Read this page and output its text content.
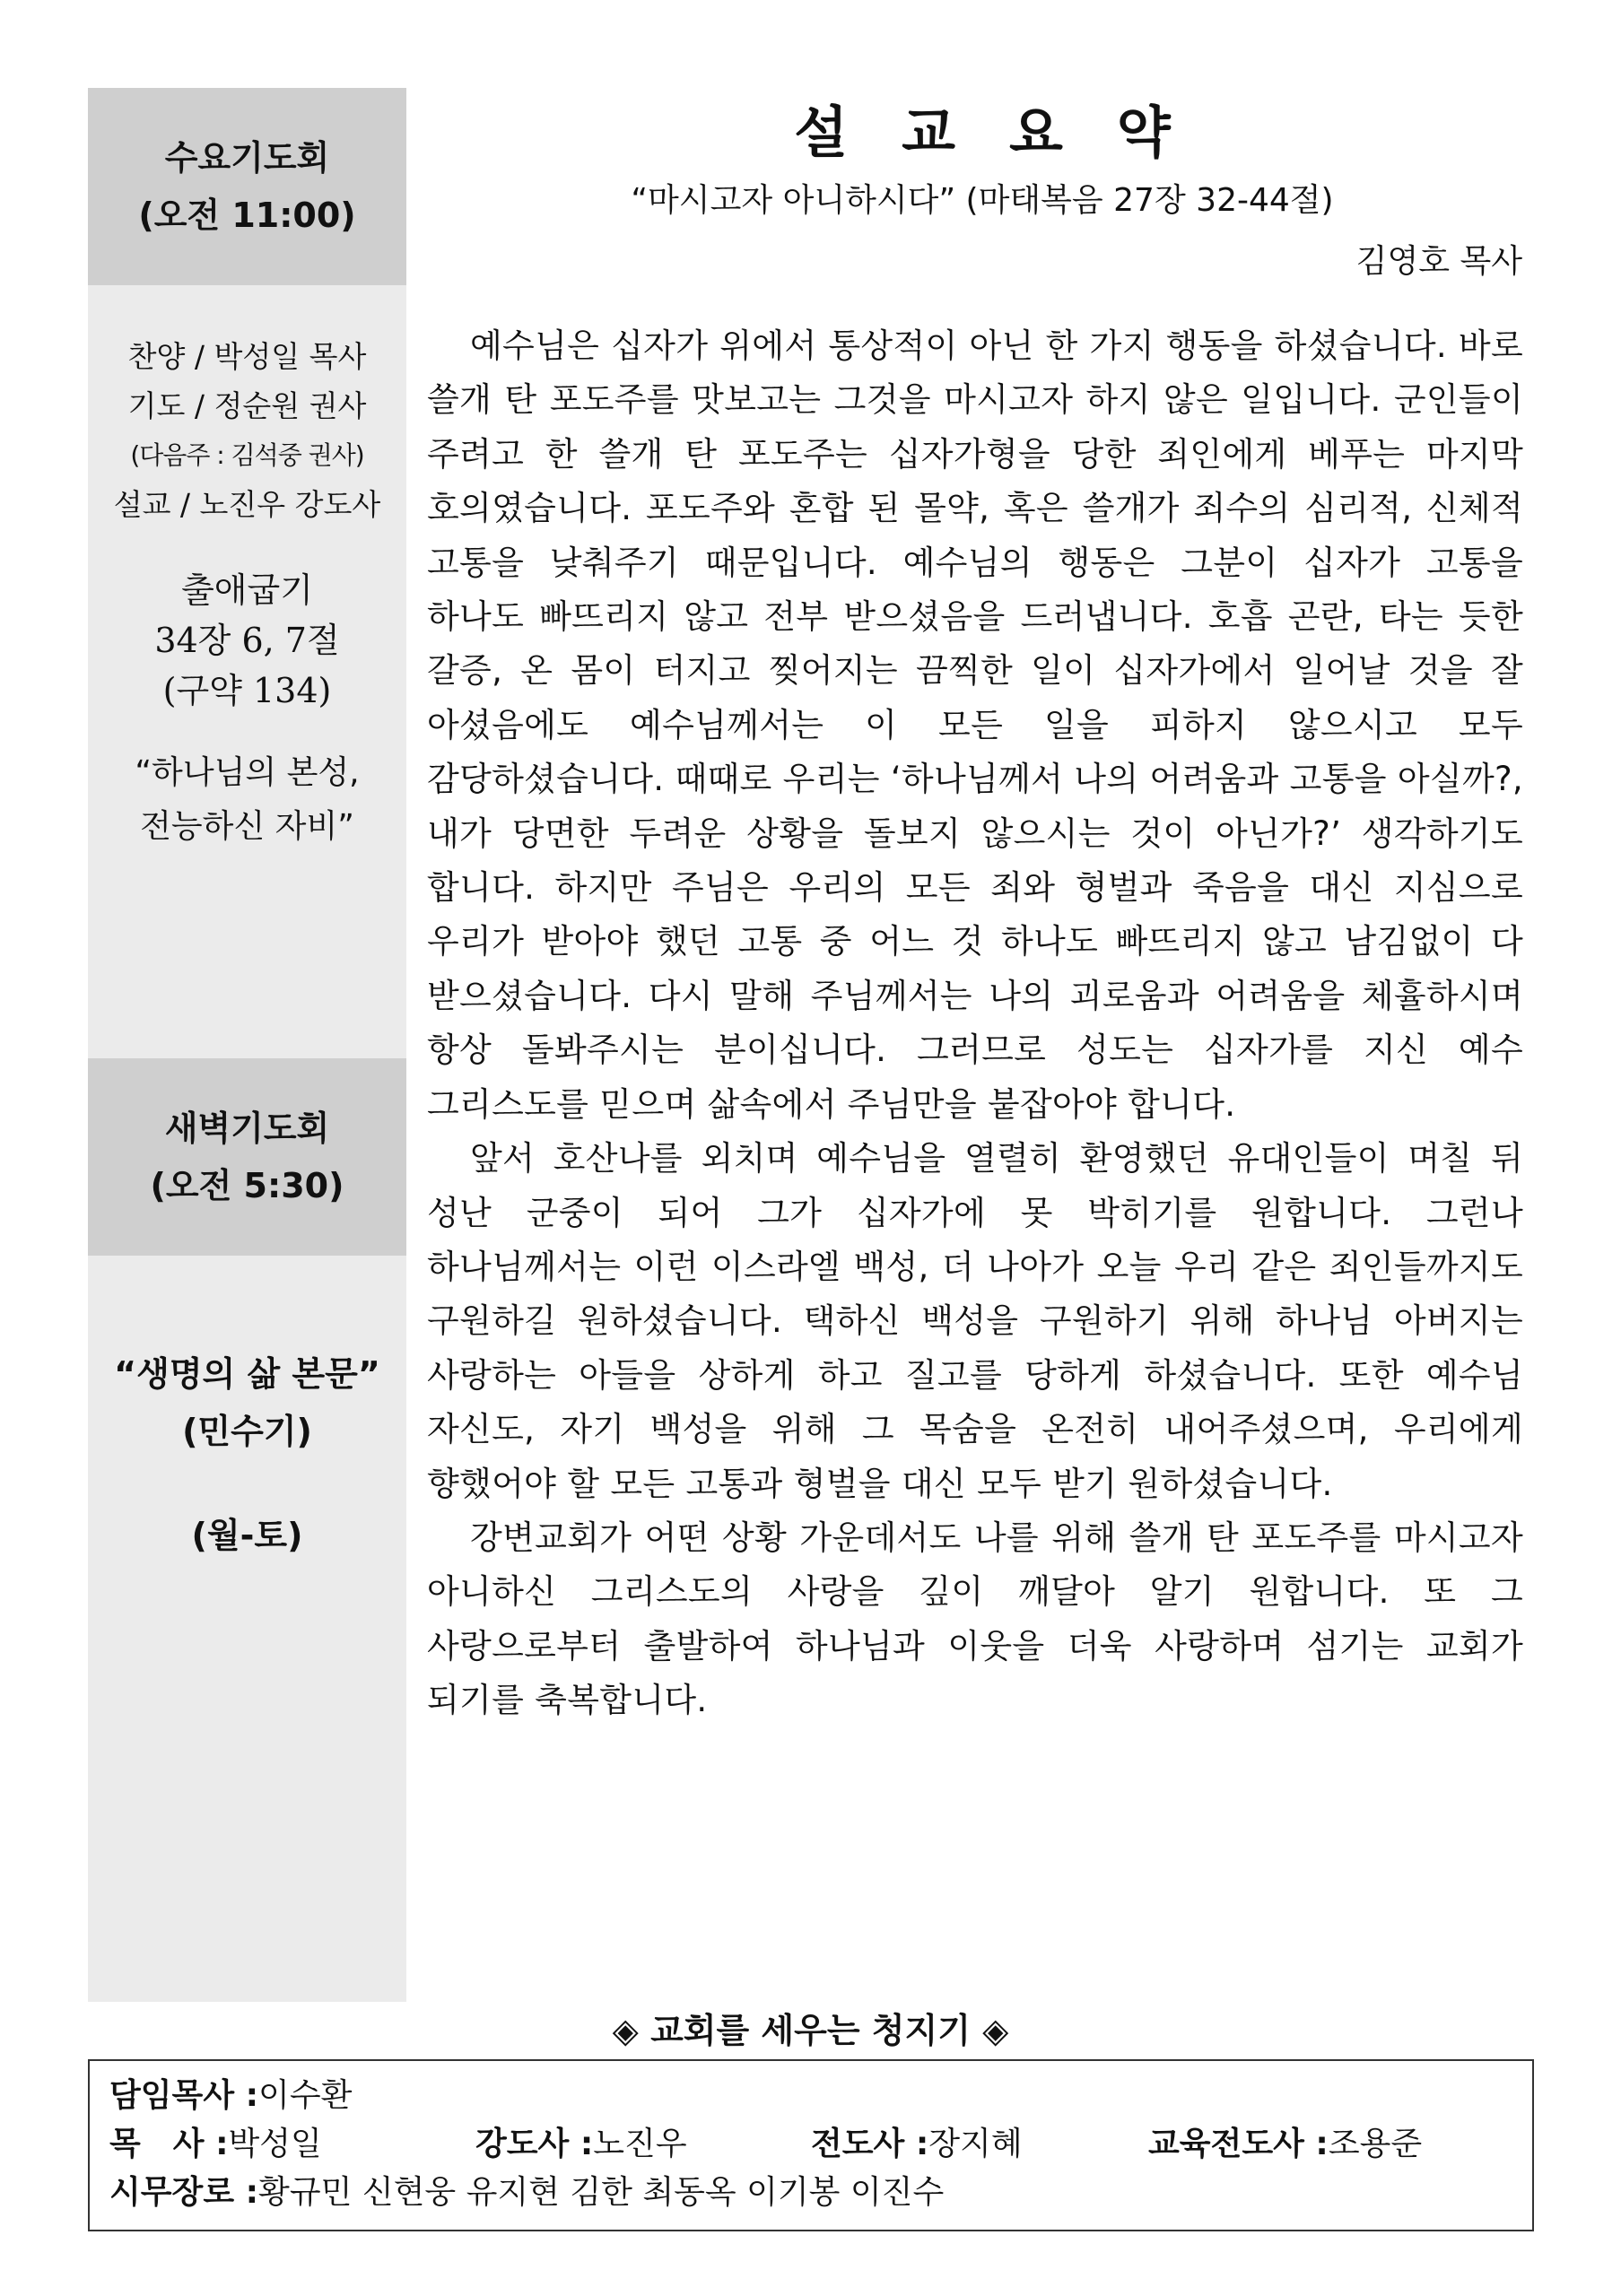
수요기도회
(오전 11:00)
찬양 / 박성일 목사
기도 / 정순원 권사
(다음주 : 김석중 권사)
설교 / 노진우 강도사
출애굽기
34장 6, 7절
(구약 134)
“하나님의 본성,
전능하신 자비”
새벽기도회
(오전 5:30)
“생명의 삶 본문”
(민수기)
(월-토)
설교요약
“마시고자 아니하시다” (마태복음 27장 32-44절)
김영호 목사

예수님은 십자가 위에서 통상적이 아닌 한 가지 행동을 하셨습니다. 바로 쓸개 탄 포도주를 맛보고는 그것을 마시고자 하지 않은 일입니다. 군인들이 주려고 한 쓸개 탄 포도주는 십자가형을 당한 죄인에게 베푸는 마지막 호의였습니다. 포도주와 혼합 된 몰약, 혹은 쓸개가 죄수의 심리적, 신체적 고통을 낮춰주기 때문입니다. 예수님의 행동은 그분이 십자가 고통을 하나도 빠뜨리지 않고 전부 받으셨음을 드러냅니다. 호흡 곤란, 타는 듯한 갈증, 온 몸이 터지고 찢어지는 끔찍한 일이 십자가에서 일어날 것을 잘 아셨음에도 예수님께서는 이 모든 일을 피하지 않으시고 모두 감당하셨습니다. 때때로 우리는 ‘하나님께서 나의 어려움과 고통을 아실까?, 내가 당면한 두려운 상황을 돌보지 않으시는 것이 아닌가?’ 생각하기도 합니다. 하지만 주님은 우리의 모든 죄와 형벌과 죽음을 대신 지심으로 우리가 받아야 했던 고통 중 어느 것 하나도 빠뜨리지 않고 남김없이 다 받으셨습니다. 다시 말해 주님께서는 나의 괴로움과 어려움을 체휼하시며 항상 돌봐주시는 분이십니다. 그러므로 성도는 십자가를 지신 예수 그리스도를 믿으며 삶속에서 주님만을 붙잡아야 합니다.

앞서 호산나를 외치며 예수님을 열렬히 환영했던 유대인들이 며칠 뒤 성난 군중이 되어 그가 십자가에 못 박히기를 원합니다. 그런나 하나님께서는 이런 이스라엘 백성, 더 나아가 오늘 우리 같은 죄인들까지도 구원하길 원하셨습니다. 택하신 백성을 구원하기 위해 하나님 아버지는 사랑하는 아들을 상하게 하고 질고를 당하게 하셨습니다. 또한 예수님 자신도, 자기 백성을 위해 그 목숨을 온전히 내어주셨으며, 우리에게 향했어야 할 모든 고통과 형벌을 대신 모두 받기 원하셨습니다.

강변교회가 어떤 상황 가운데서도 나를 위해 쓸개 탄 포도주를 마시고자 아니하신 그리스도의 사랑을 깊이 깨달아 알기 원합니다. 또 그 사랑으로부터 출발하여 하나님과 이웃을 더욱 사랑하며 섬기는 교회가 되기를 축복합니다.

◈ 교회를 세우는 청지기 ◈
담임목사 :이수환
목　사 :박성일	강도사 :노진우	전도사 :장지혜	교육전도사 :조용준
시무장로 :황규민 신현웅 유지현 김한 최동옥 이기봉 이진수
